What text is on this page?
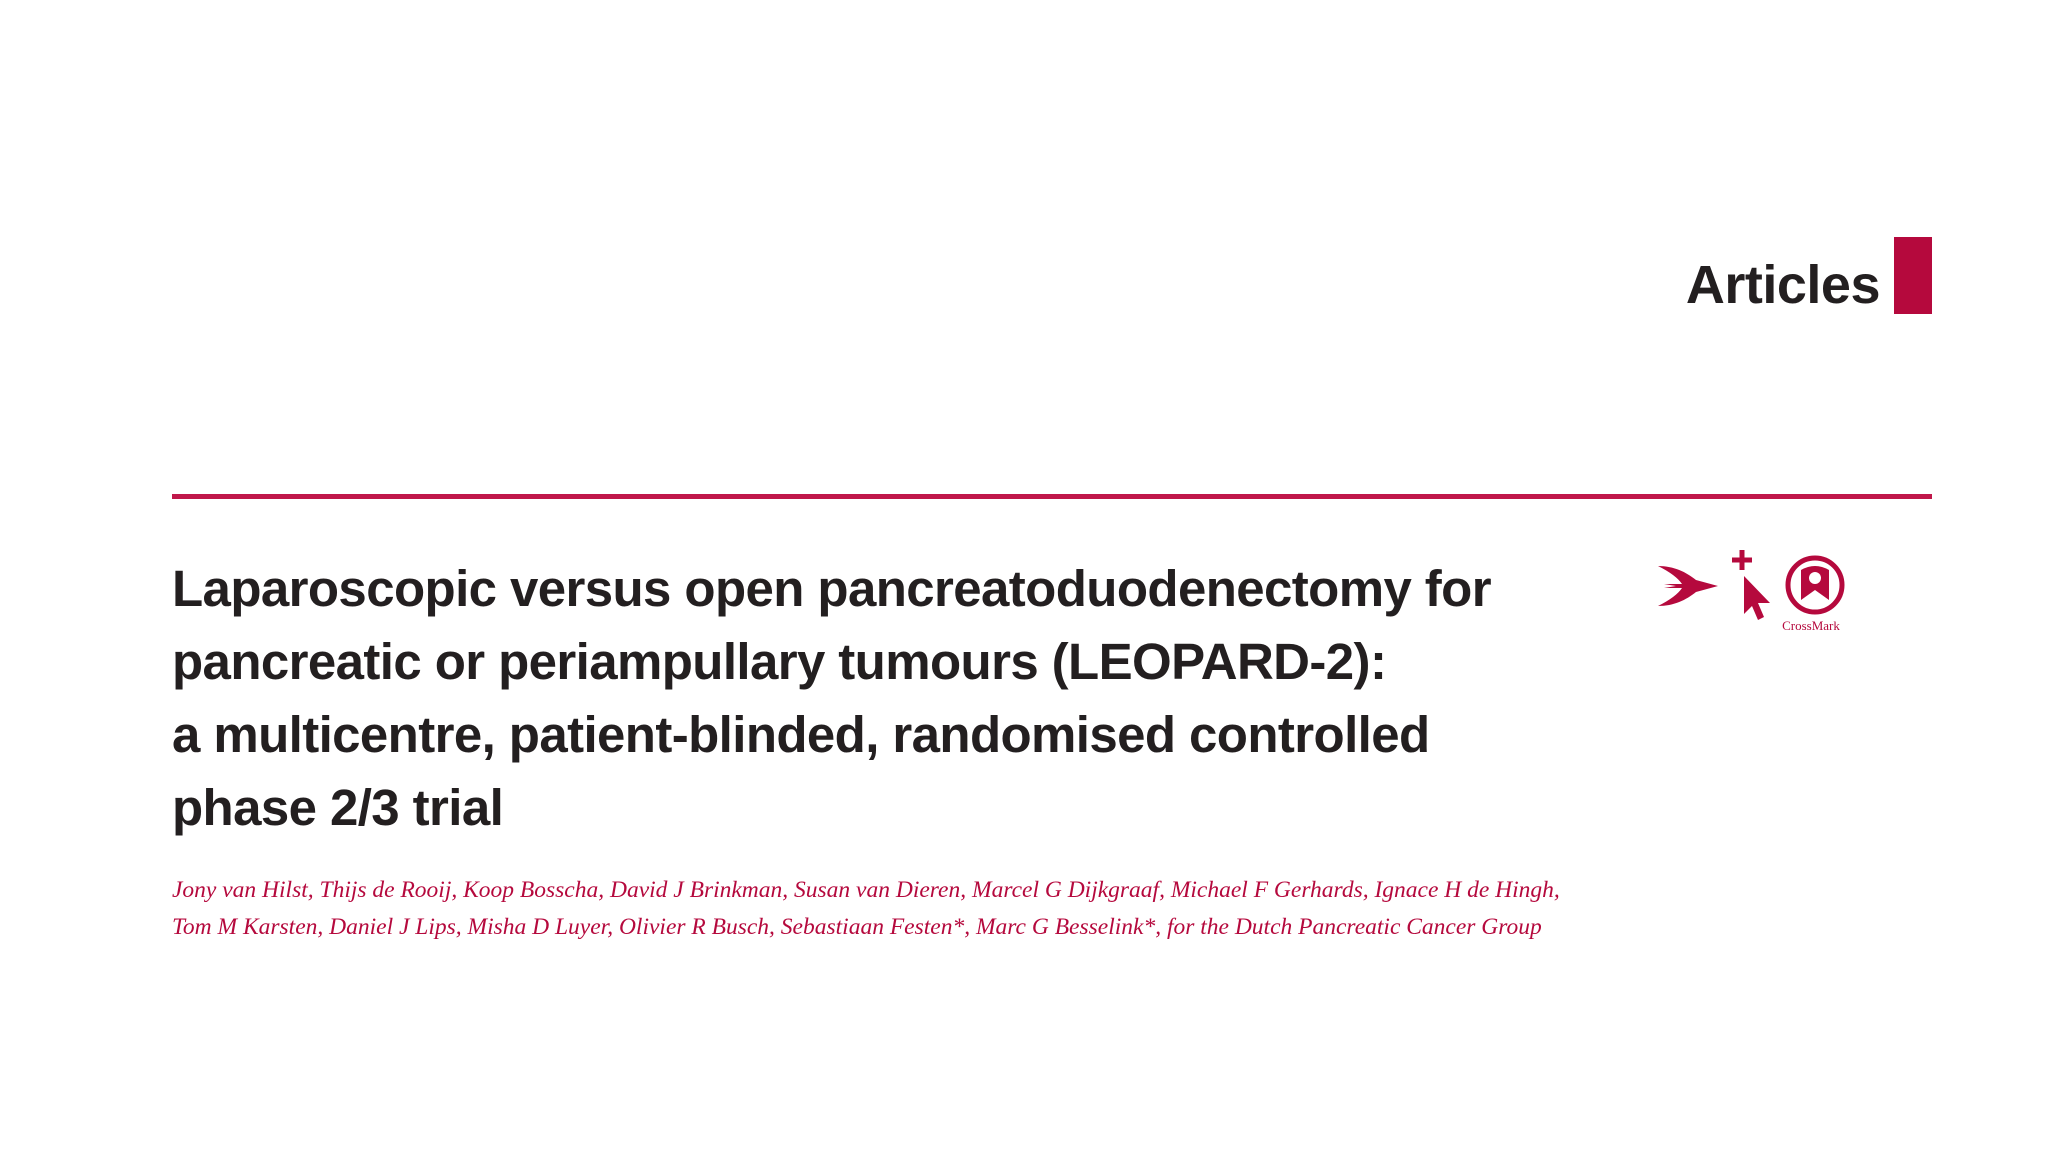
Articles
Laparoscopic versus open pancreatoduodenectomy for
pancreatic or periampullary tumours (LEOPARD-2):
a multicentre, patient-blinded, randomised controlled
phase 2/3 trial
Jony van Hilst, Thijs de Rooij, Koop Bosscha, David J Brinkman, Susan van Dieren, Marcel G Dijkgraaf, Michael F Gerhards, Ignace H de Hingh,
Tom M Karsten, Daniel J Lips, Misha D Luyer, Olivier R Busch, Sebastiaan Festen*, Marc G Besselink*, for the Dutch Pancreatic Cancer Group
CrossMark
